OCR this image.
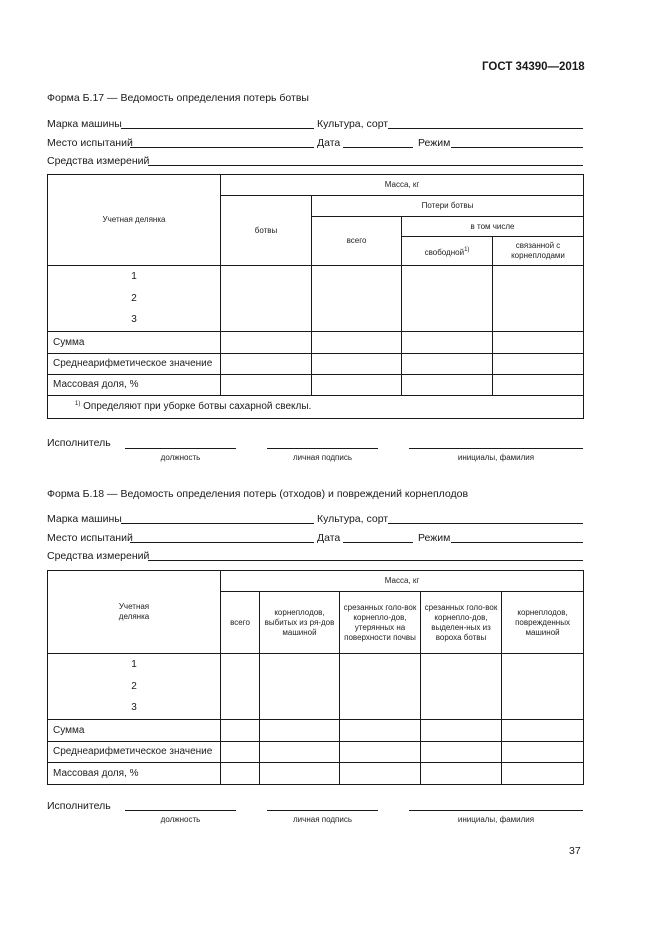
ГОСТ 34390—2018
Форма Б.17 — Ведомость определения потерь ботвы
Марка машины	Культура, сорт
Место испытаний	Дата	Режим
Средства измерений
Учетная делянка	Масса, кг			
	ботвы	Потери ботвы		
		всего	в том числе	
			свободной$^{1)}$	связанной с корнеплодами

1
2
3				

Сумма				
Среднеарифметическое значение				
Массовая доля, %				
$^{1)}$ Определяют при уборке ботвы сахарной свеклы.				
Исполнитель
должность	личная подпись	инициалы, фамилия
Форма Б.18 — Ведомость определения потерь (отходов) и повреждений корнеплодов
Марка машины	Культура, сорт
Место испытаний	Дата	Режим
Средства измерений
Учетная делянка	Масса, кг				
	всего	корнеплодов, выбитых из ря-дов машиной	срезанных голо-вок корнепло-дов, утерянных на поверхности почвы	срезанных голо-вок корнепло-дов, выделен-ных из вороха ботвы	корнеплодов, поврежденных машиной

1
2
3					

Сумма					
Среднеарифметическое значение					
Массовая доля, %					
Исполнитель
должность	личная подпись	инициалы, фамилия
37
